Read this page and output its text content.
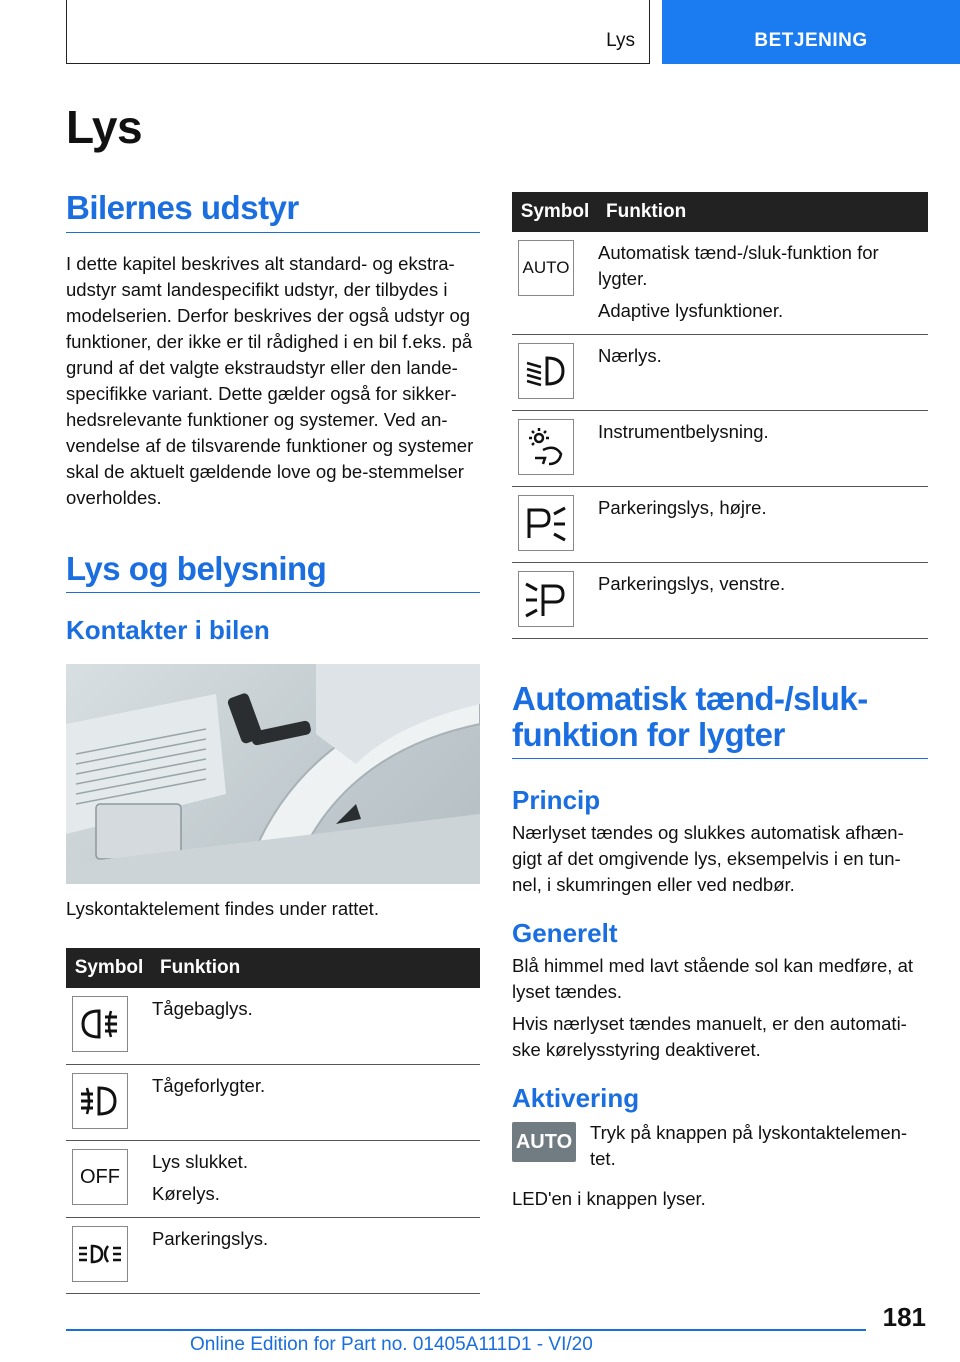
Lys	BETJENING
Lys
Bilernes udstyr

I dette kapitel beskrives alt standard- og ekstra-udstyr samt landespecifikt udstyr, der tilbydes i modelserien. Derfor beskrives der også udstyr og funktioner, der ikke er til rådighed i en bil f.eks. på grund af det valgte ekstraudstyr eller den lande-specifikke variant. Dette gælder også for sikker-hedsrelevante funktioner og systemer. Ved an-vendelse af de tilsvarende funktioner og systemer skal de aktuelt gældende love og be-stemmelser overholdes.

Lys og belysning
Kontakter i bilen

Lyskontaktelement findes under rattet.

Symbol	Funktion

Tågebaglys.

Tågeforlygter.

OFF	Lys slukket.
Kørelys.

Parkeringslys.
Symbol	Funktion

AUTO	Automatisk tænd-/sluk-funktion for lygter.
Adaptive lysfunktioner.

Nærlys.

Instrumentbelysning.

Parkeringslys, højre.

Parkeringslys, venstre.
Automatisk tænd-/sluk-funktion for lygter
Princip

Nærlyset tændes og slukkes automatisk afhæn-gigt af det omgivende lys, eksempelvis i en tun-nel, i skumringen eller ved nedbør.

Generelt

Blå himmel med lavt stående sol kan medføre, at lyset tændes.

Hvis nærlyset tændes manuelt, er den automati-ske kørelysstyring deaktiveret.

Aktivering
AUTO Tryk på knappen på lyskontaktelemen-tet.

LED'en i knappen lyser.

181
Online Edition for Part no. 01405A111D1 - VI/20
